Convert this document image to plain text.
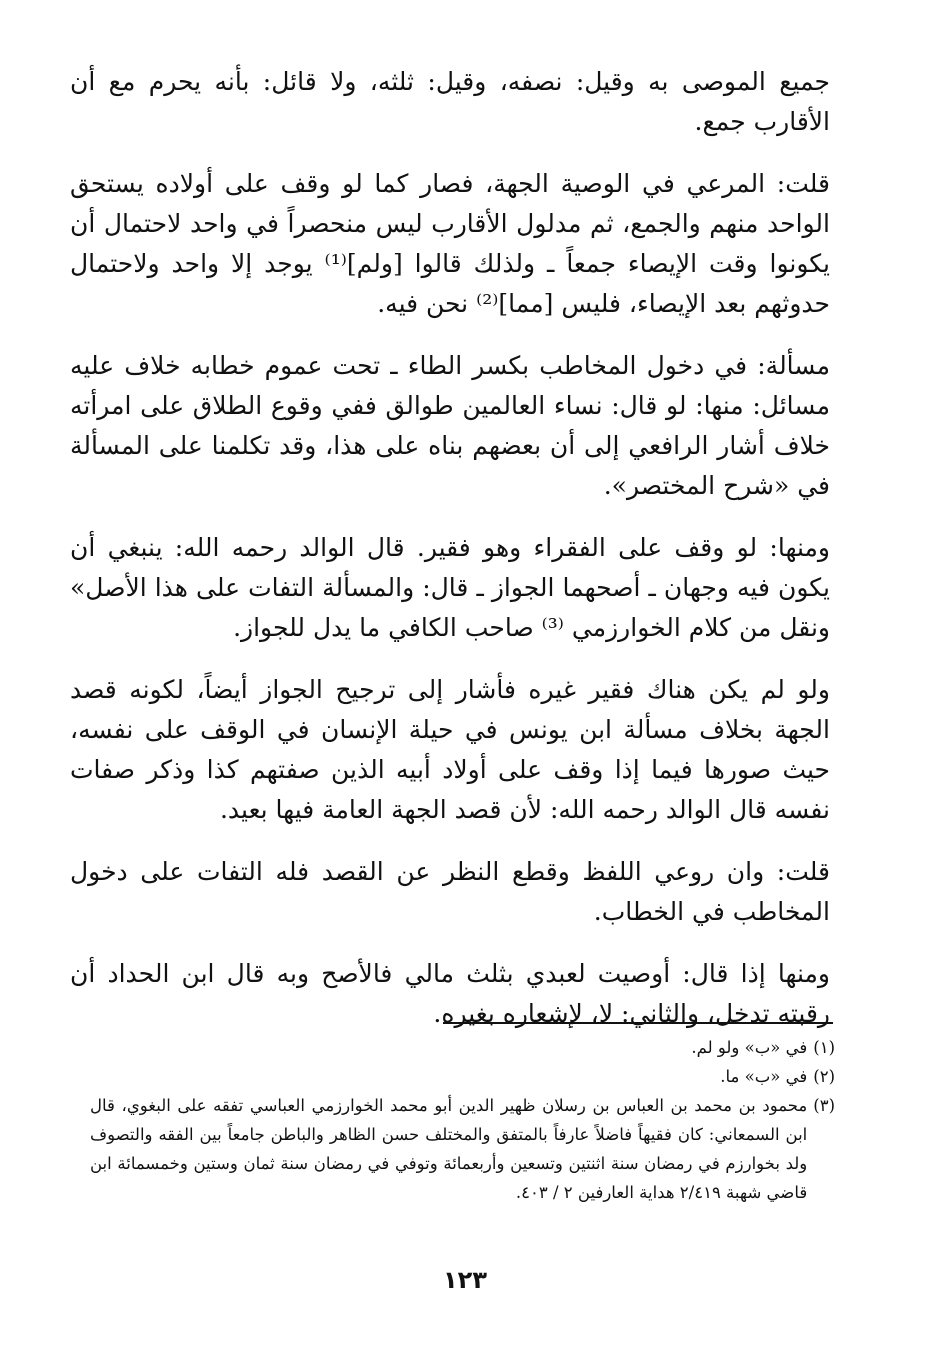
جميع الموصى به وقيل: نصفه، وقيل: ثلثه، ولا قائل: بأنه يحرم مع أن الأقارب جمع.

قلت: المرعي في الوصية الجهة، فصار كما لو وقف على أولاده يستحق الواحد منهم والجمع، ثم مدلول الأقارب ليس منحصراً في واحد لاحتمال أن يكونوا وقت الإيصاء جمعاً ـ ولذلك قالوا [ولم]⁽¹⁾ يوجد إلا واحد ولاحتمال حدوثهم بعد الإيصاء، فليس [مما]⁽²⁾ نحن فيه.

مسألة: في دخول المخاطب بكسر الطاء ـ تحت عموم خطابه خلاف عليه مسائل: منها: لو قال: نساء العالمين طوالق ففي وقوع الطلاق على امرأته خلاف أشار الرافعي إلى أن بعضهم بناه على هذا، وقد تكلمنا على المسألة في «شرح المختصر».

ومنها: لو وقف على الفقراء وهو فقير. قال الوالد رحمه الله: ينبغي أن يكون فيه وجهان ـ أصحهما الجواز ـ قال: والمسألة التفات على هذا الأصل» ونقل من كلام الخوارزمي ⁽³⁾ صاحب الكافي ما يدل للجواز.

ولو لم يكن هناك فقير غيره فأشار إلى ترجيح الجواز أيضاً، لكونه قصد الجهة بخلاف مسألة ابن يونس في حيلة الإنسان في الوقف على نفسه، حيث صورها فيما إذا وقف على أولاد أبيه الذين صفتهم كذا وذكر صفات نفسه قال الوالد رحمه الله: لأن قصد الجهة العامة فيها بعيد.

قلت: وان روعي اللفظ وقطع النظر عن القصد فله التفات على دخول المخاطب في الخطاب.

ومنها إذا قال: أوصيت لعبدي بثلث مالي فالأصح وبه قال ابن الحداد أن رقبته تدخل، والثاني: لا، لإشعاره بغيره.

(١)
في «ب» ولو لم.
(٢)
في «ب» ما.
(٣)
محمود بن محمد بن العباس بن رسلان ظهير الدين أبو محمد الخوارزمي العباسي تفقه على البغوي، قال ابن السمعاني: كان فقيهاً فاضلاً عارفاً بالمتفق والمختلف حسن الظاهر والباطن جامعاً بين الفقه والتصوف ولد بخوارزم في رمضان سنة اثنتين وتسعين وأربعمائة وتوفي في رمضان سنة ثمان وستين وخمسمائة ابن قاضي شهبة ٢/٤١٩ هداية العارفين ٢ / ٤٠٣.
١٢٣
